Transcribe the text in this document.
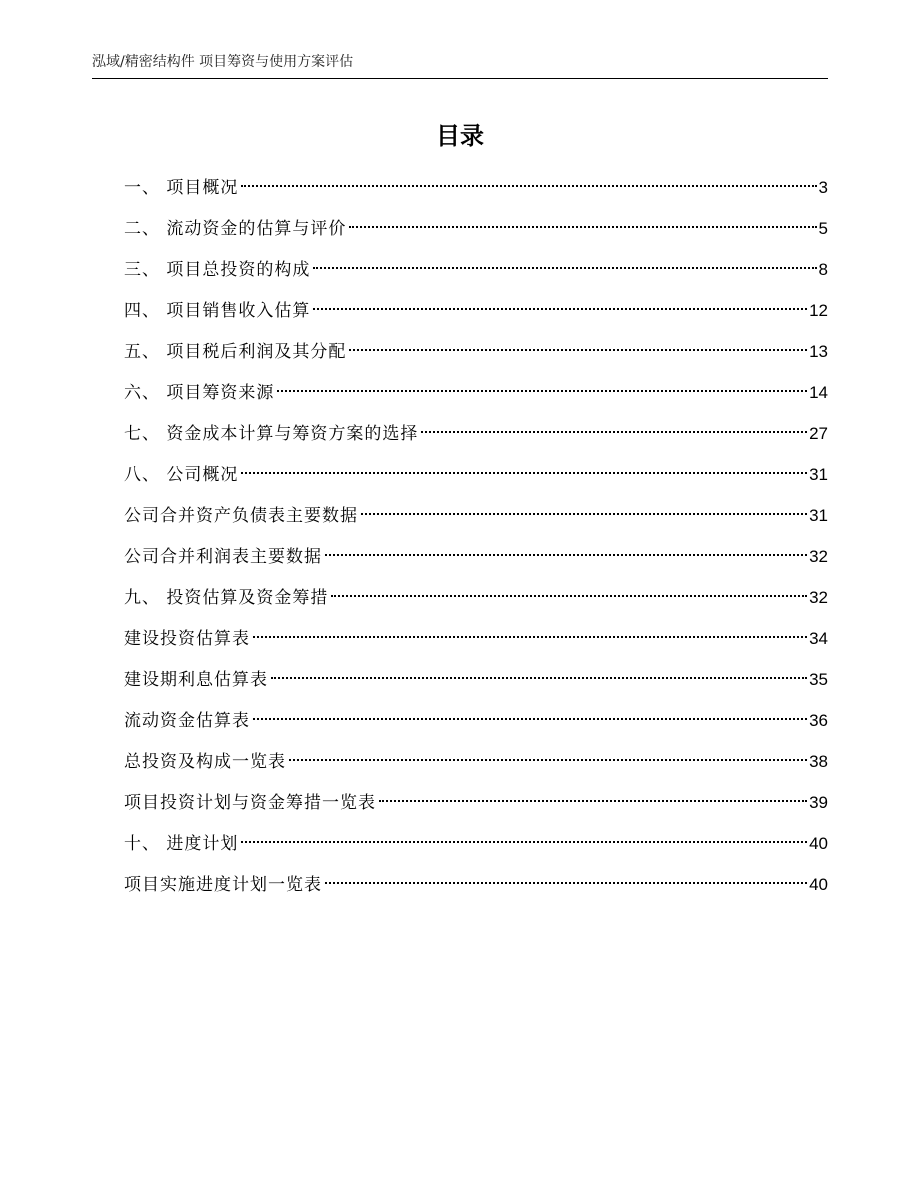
泓域/精密结构件 项目筹资与使用方案评估
目录
一、 项目概况	3
二、 流动资金的估算与评价	5
三、 项目总投资的构成	8
四、 项目销售收入估算	12
五、 项目税后利润及其分配	13
六、 项目筹资来源	14
七、 资金成本计算与筹资方案的选择	27
八、 公司概况	31
公司合并资产负债表主要数据	31
公司合并利润表主要数据	32
九、 投资估算及资金筹措	32
建设投资估算表	34
建设期利息估算表	35
流动资金估算表	36
总投资及构成一览表	38
项目投资计划与资金筹措一览表	39
十、 进度计划	40
项目实施进度计划一览表	40
